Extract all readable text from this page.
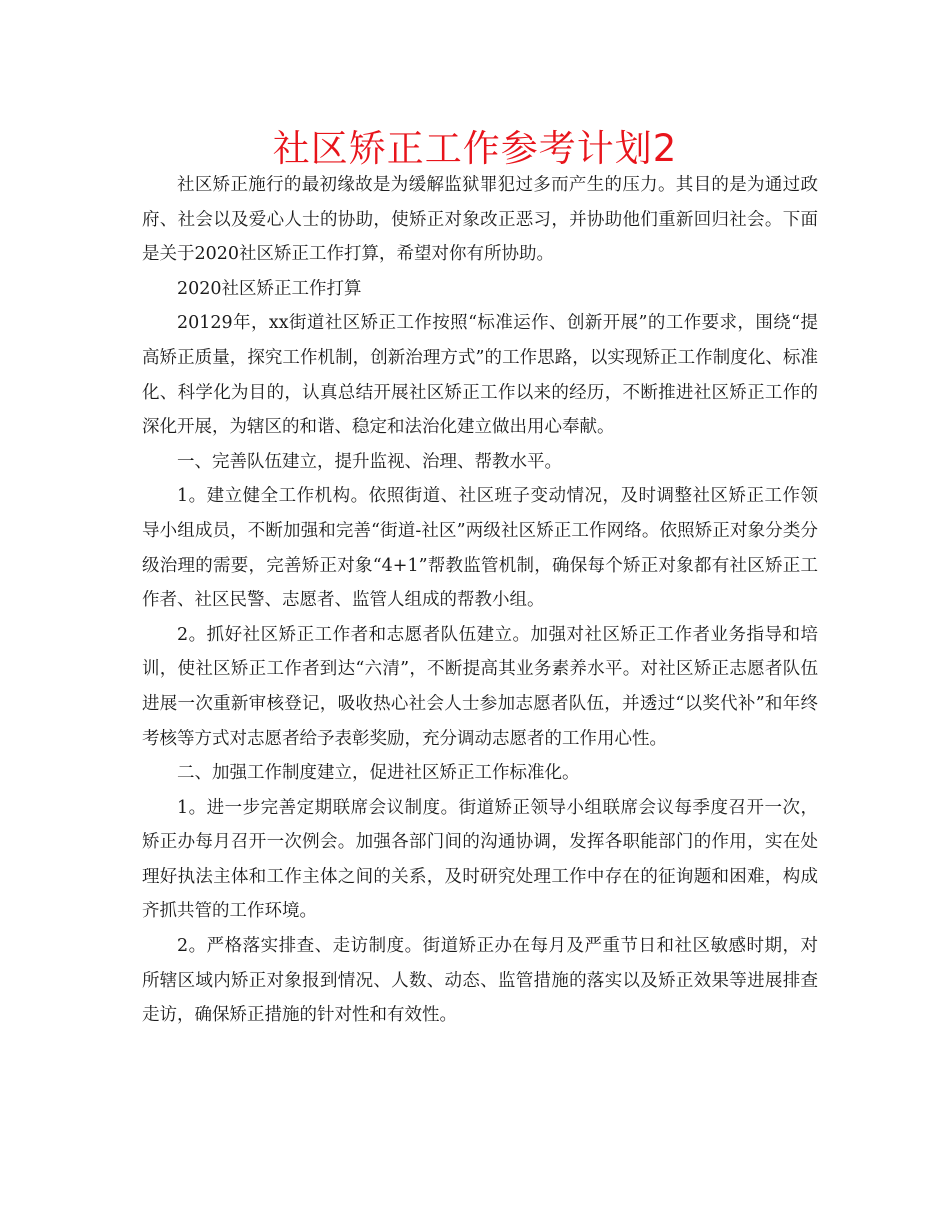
社区矫正工作参考计划2

社区矫正施行的最初缘故是为缓解监狱罪犯过多而产生的压力。其目的是为通过政府、社会以及爱心人士的协助，使矫正对象改正恶习，并协助他们重新回归社会。下面是关于2020社区矫正工作打算，希望对你有所协助。

2020社区矫正工作打算

20129年，xx街道社区矫正工作按照“标准运作、创新开展”的工作要求，围绕“提高矫正质量，探究工作机制，创新治理方式”的工作思路，以实现矫正工作制度化、标准化、科学化为目的，认真总结开展社区矫正工作以来的经历，不断推进社区矫正工作的深化开展，为辖区的和谐、稳定和法治化建立做出用心奉献。

一、完善队伍建立，提升监视、治理、帮教水平。

1。建立健全工作机构。依照街道、社区班子变动情况，及时调整社区矫正工作领导小组成员，不断加强和完善“街道-社区”两级社区矫正工作网络。依照矫正对象分类分级治理的需要，完善矫正对象“4+1”帮教监管机制，确保每个矫正对象都有社区矫正工作者、社区民警、志愿者、监管人组成的帮教小组。

2。抓好社区矫正工作者和志愿者队伍建立。加强对社区矫正工作者业务指导和培训，使社区矫正工作者到达“六清”，不断提高其业务素养水平。对社区矫正志愿者队伍进展一次重新审核登记，吸收热心社会人士参加志愿者队伍，并透过“以奖代补”和年终考核等方式对志愿者给予表彰奖励，充分调动志愿者的工作用心性。

二、加强工作制度建立，促进社区矫正工作标准化。

1。进一步完善定期联席会议制度。街道矫正领导小组联席会议每季度召开一次，矫正办每月召开一次例会。加强各部门间的沟通协调，发挥各职能部门的作用，实在处理好执法主体和工作主体之间的关系，及时研究处理工作中存在的征询题和困难，构成齐抓共管的工作环境。

2。严格落实排查、走访制度。街道矫正办在每月及严重节日和社区敏感时期，对所辖区域内矫正对象报到情况、人数、动态、监管措施的落实以及矫正效果等进展排查走访，确保矫正措施的针对性和有效性。
